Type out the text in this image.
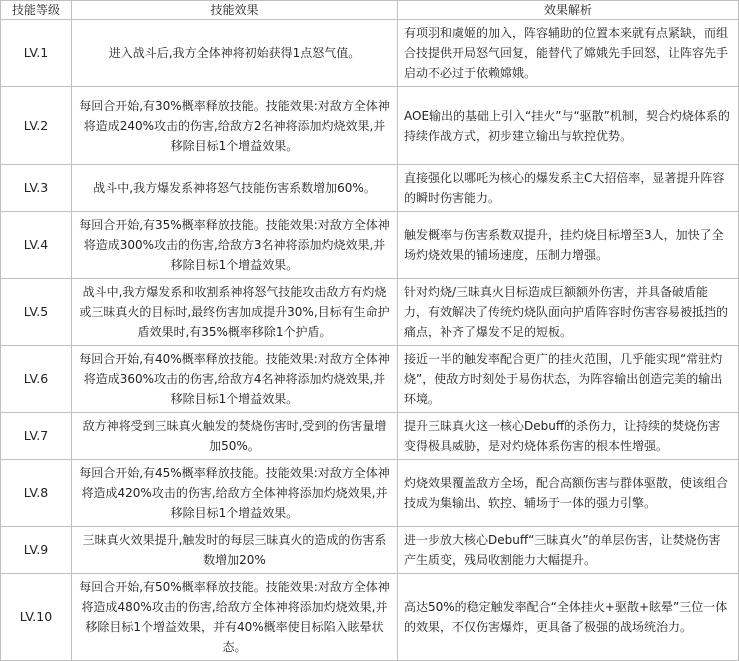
技能等级	技能效果	效果解析
LV.1	进入战斗后,我方全体神将初始获得1点怒气值。	有项羽和虞姬的加入，阵容辅助的位置本来就有点紧缺，而组合技提供开局怒气回复，能替代了嫦娥先手回怒，让阵容先手启动不必过于依赖嫦娥。
LV.2	每回合开始,有30%概率释放技能。技能效果:对敌方全体神将造成240%攻击的伤害,给敌方2名神将添加灼烧效果,并移除目标1个增益效果。	AOE输出的基础上引入“挂火”与“驱散”机制，契合灼烧体系的持续作战方式，初步建立输出与软控优势。
LV.3	战斗中,我方爆发系神将怒气技能伤害系数增加60%。	直接强化以哪吒为核心的爆发系主C大招倍率，显著提升阵容的瞬时伤害能力。
LV.4	每回合开始,有35%概率释放技能。技能效果:对敌方全体神将造成300%攻击的伤害,给敌方3名神将添加灼烧效果,并移除目标1个增益效果。	触发概率与伤害系数双提升，挂灼烧目标增至3人，加快了全场灼烧效果的铺场速度，压制力增强。
LV.5	战斗中,我方爆发系和收割系神将怒气技能攻击敌方有灼烧或三昧真火的目标时,最终伤害加成提升30%,目标有生命护盾效果时,有35%概率移除1个护盾。	针对灼烧/三昧真火目标造成巨额额外伤害，并具备破盾能力，有效解决了传统灼烧队面向护盾阵容时伤害容易被抵挡的痛点，补齐了爆发不足的短板。
LV.6	每回合开始,有40%概率释放技能。技能效果:对敌方全体神将造成360%攻击的伤害,给敌方4名神将添加灼烧效果,并移除目标1个增益效果。	接近一半的触发率配合更广的挂火范围，几乎能实现“常驻灼烧”，使敌方时刻处于易伤状态，为阵容输出创造完美的输出环境。
LV.7	敌方神将受到三昧真火触发的焚烧伤害时,受到的伤害量增加50%。	提升三昧真火这一核心Debuff的杀伤力，让持续的焚烧伤害变得极具威胁，是对灼烧体系伤害的根本性增强。
LV.8	每回合开始,有45%概率释放技能。技能效果:对敌方全体神将造成420%攻击的伤害,给敌方全体神将添加灼烧效果,并移除目标1个增益效果。	灼烧效果覆盖敌方全场，配合高额伤害与群体驱散，使该组合技成为集输出、软控、辅场于一体的强力引擎。
LV.9	三昧真火效果提升,触发时的每层三昧真火的造成的伤害系数增加20%	进一步放大核心Debuff“三昧真火”的单层伤害，让焚烧伤害产生质变，残局收割能力大幅提升。
LV.10	每回合开始,有50%概率释放技能。技能效果:对敌方全体神将造成480%攻击的伤害,给敌方全体神将添加灼烧效果,并移除目标1个增益效果，并有40%概率使目标陷入眩晕状态。	高达50%的稳定触发率配合“全体挂火+驱散+眩晕”三位一体的效果，不仅伤害爆炸，更具备了极强的战场统治力。
